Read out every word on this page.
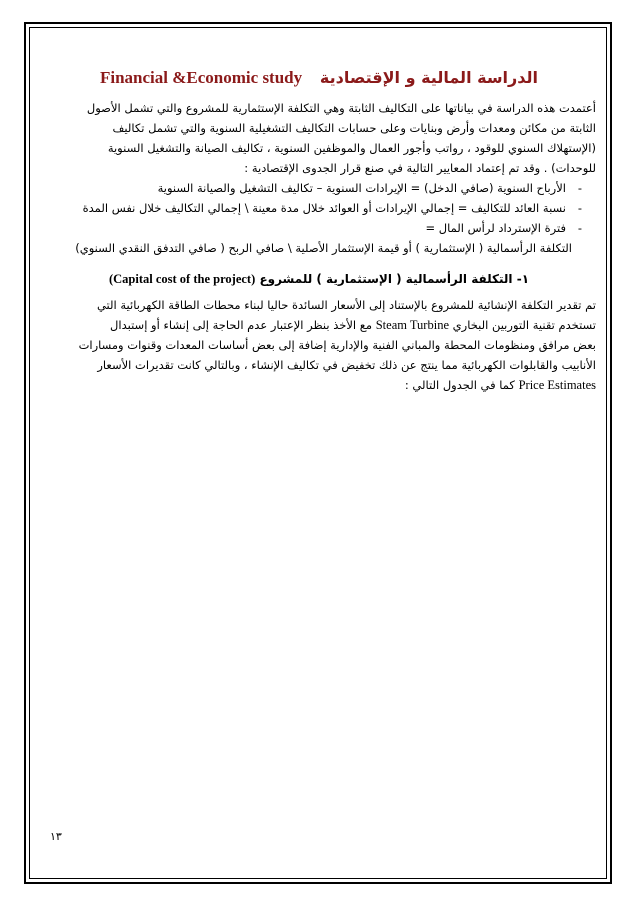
Financial &Economic study الدراسة المالية و الإقتصادية
أعتمدت هذه الدراسة في بياناتها على التكاليف الثابتة وهي التكلفة الإستثمارية للمشروع والتي تشمل الأصول
الثابتة من مكائن ومعدات وأرض وبنايات وعلى حسابات التكاليف التشغيلية السنوية والتي تشمل تكاليف
(الإستهلاك السنوي للوقود ، رواتب وأجور العمال والموظفين السنوية ، تكاليف الصيانة والتشغيل السنوية
للوحدات) . وقد تم إعتماد المعايير التالية في صنع قرار الجدوى الإقتصادية :
-
الأرباح السنوية (صافي الدخل) = الإيرادات السنوية – تكاليف التشغيل والصيانة السنوية
-
نسبة العائد للتكاليف = إجمالي الإيرادات أو العوائد خلال مدة معينة \ إجمالي التكاليف خلال نفس المدة
-
فترة الإسترداد لرأس المال =
التكلفة الرأسمالية ( الإستثمارية ) أو قيمة الإستثمار الأصلية \ صافي الربح ( صافي التدفق النقدي السنوي)
١- التكلفة الرأسمالية ( الإستثمارية ) للمشروع (Capital cost of the project)
تم تقدير التكلفة الإنشائية للمشروع بالإستناد إلى الأسعار السائدة حاليا لبناء محطات الطاقة الكهربائية التي
تستخدم تقنية التوربين البخاري Steam Turbine مع الأخذ بنظر الإعتبار عدم الحاجة إلى إنشاء أو إستبدال
بعض مرافق ومنظومات المحطة والمباني الفنية والإدارية إضافة إلى بعض أساسات المعدات وقنوات ومسارات
الأنابيب والقابلوات الكهربائية مما ينتج عن ذلك تخفيض في تكاليف الإنشاء ، وبالتالي كانت تقديرات الأسعار
Price Estimates كما في الجدول التالي :
١٣
